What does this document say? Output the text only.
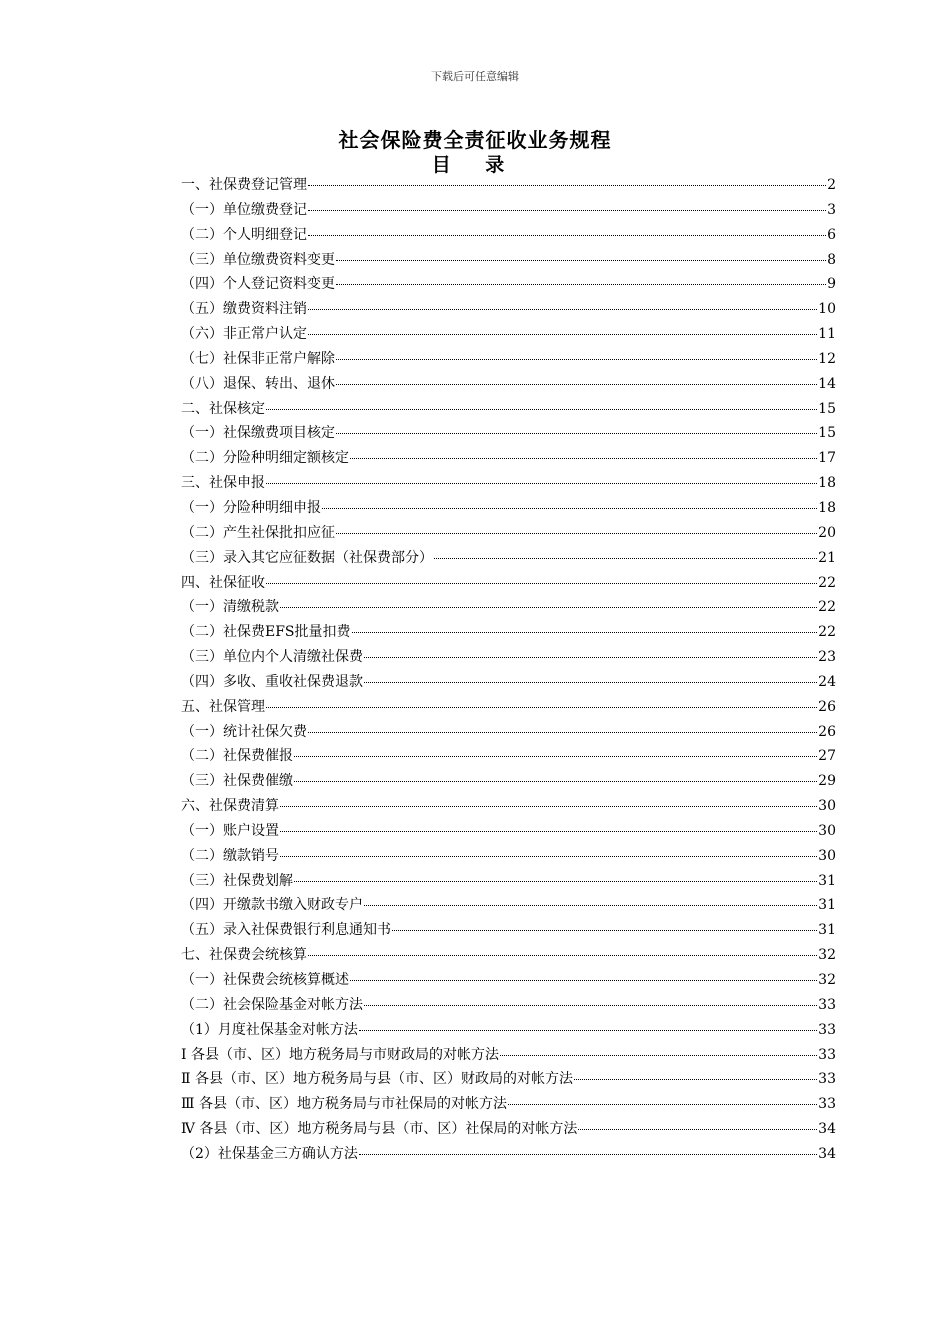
下载后可任意编辑
社会保险费全责征收业务规程
目 录
一、社保费登记管理	2
（一）单位缴费登记	3
（二）个人明细登记	6
（三）单位缴费资料变更	8
（四）个人登记资料变更	9
（五）缴费资料注销	10
（六）非正常户认定	11
（七）社保非正常户解除	12
（八）退保、转出、退休	14
二、社保核定	15
（一）社保缴费项目核定	15
（二）分险种明细定额核定	17
三、社保申报	18
（一）分险种明细申报	18
（二）产生社保批扣应征	20
（三）录入其它应征数据（社保费部分）	21
四、社保征收	22
（一）清缴税款	22
（二）社保费EFS批量扣费	22
（三）单位内个人清缴社保费	23
（四）多收、重收社保费退款	24
五、社保管理	26
（一）统计社保欠费	26
（二）社保费催报	27
（三）社保费催缴	29
六、社保费清算	30
（一）账户设置	30
（二）缴款销号	30
（三）社保费划解	31
（四）开缴款书缴入财政专户	31
（五）录入社保费银行利息通知书	31
七、社保费会统核算	32
（一）社保费会统核算概述	32
（二）社会保险基金对帐方法	33
（1）月度社保基金对帐方法	33
Ⅰ 各县（市、区）地方税务局与市财政局的对帐方法	33
Ⅱ 各县（市、区）地方税务局与县（市、区）财政局的对帐方法	33
Ⅲ 各县（市、区）地方税务局与市社保局的对帐方法	33
Ⅳ 各县（市、区）地方税务局与县（市、区）社保局的对帐方法	34
（2）社保基金三方确认方法	34
